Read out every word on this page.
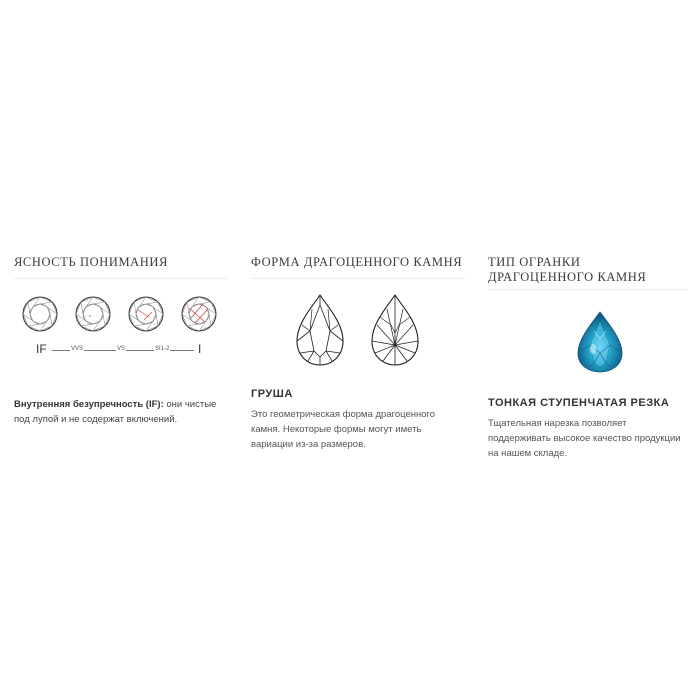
ЯСНОСТЬ ПОНИМАНИЯ
IF	VVS	VS	SI1-2 I

Внутренняя безупречность (IF): они чистые под лупой и не содержат включений.

ФОРМА ДРАГОЦЕННОГО КАМНЯ
ГРУША

Это геометрическая форма драгоценного камня. Некоторые формы могут иметь вариации из-за размеров.

ТИП ОГРАНКИ ДРАГОЦЕННОГО КАМНЯ
ТОНКАЯ СТУПЕНЧАТАЯ РЕЗКА

Тщательная нарезка позволяет поддерживать высокое качество продукции на нашем складе.
